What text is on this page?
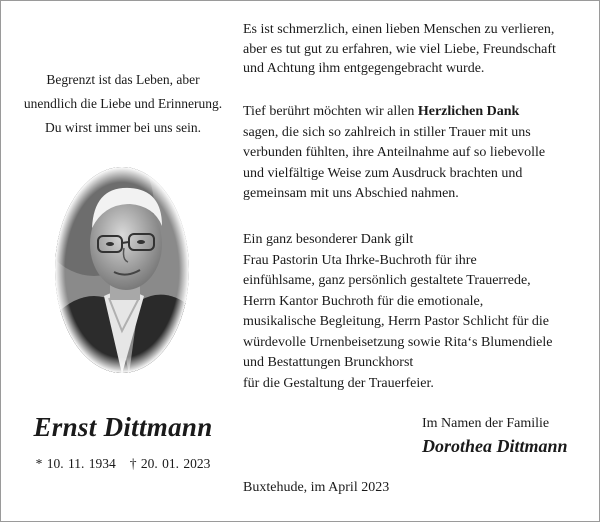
Begrenzt ist das Leben, aber
unendlich die Liebe und Erinnerung.
Du wirst immer bei uns sein.
Ernst Dittmann
* 10. 11. 1934 † 20. 01. 2023
Es ist schmerzlich, einen lieben Menschen zu verlieren,
aber es tut gut zu erfahren, wie viel Liebe, Freundschaft
und Achtung ihm entgegengebracht wurde.
Tief berührt möchten wir allen Herzlichen Dank
sagen, die sich so zahlreich in stiller Trauer mit uns
verbunden fühlten, ihre Anteilnahme auf so liebevolle
und vielfältige Weise zum Ausdruck brachten und
gemeinsam mit uns Abschied nahmen.
Ein ganz besonderer Dank gilt
Frau Pastorin Uta Ihrke-Buchroth für ihre
einfühlsame, ganz persönlich gestaltete Trauerrede,
Herrn Kantor Buchroth für die emotionale,
musikalische Begleitung, Herrn Pastor Schlicht für die
würdevolle Urnenbeisetzung sowie Rita‘s Blumendiele
und Bestattungen Brunckhorst
für die Gestaltung der Trauerfeier.
Im Namen der Familie
Dorothea Dittmann
Buxtehude, im April 2023
